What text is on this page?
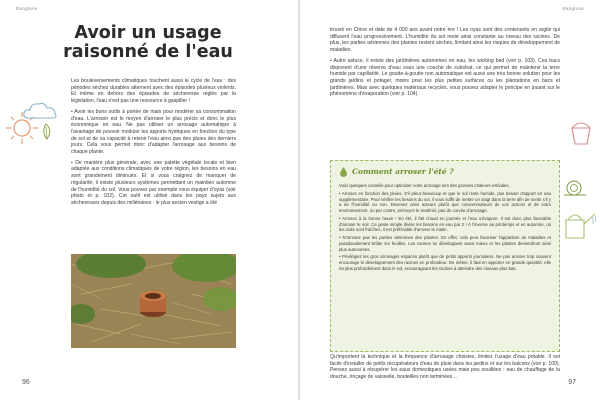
Ranglone
Avoir un usage
raisonné de l'eau

Les bouleversements climatiques touchent aussi le cycle de l'eau : des périodes sèches durables alternent avec des épisodes pluvieux violents. Et même en dehors des épisodes de sécheresse réglés par la législation, l'eau n'est pas une ressource à gaspiller !

• Avoir les bons outils à portée de main pour modérer sa consommation d'eau. L'arrosoir est le moyen d'arroser le plus précis et donc le plus économique en eau. Ne pas utiliser un arrosage automatique à l'avantage de pouvoir moduler les apports hydriques en fonction du type de sol et de sa capacité à retenir l'eau ainsi que des pluies des derniers jours. Cela vous permet donc d'adapter l'arrosage aux besoins de chaque plante.

• De manière plus générale, avec une palette végétale locale et bien adaptée aux conditions climatiques de votre région, les besoins en eau sont grandement diminués. Et si vous craignez de manquer de régularité, il existe plusieurs systèmes permettant un maintien automne de l'humidité du sol. Vous pouvez par exemple vous équiper d'oyas (voir photo et p. 102). Cet outil est utilisé dans les pays sujets aux sécheresses depuis des millénaires : le plus ancien vestige a été

96
Ranglone

trouvé en Chine et date de 4 000 ans avant notre ère ! Les oyas sont des contenants en argile qui diffusent l'eau progressivement. L'humidité du sol reste ainsi constante au niveau des racines. De plus, les parties aériennes des plantes restent sèches, limitant ainsi les risques de développement de maladies.

• Autre astuce, il existe des jardinières autonomes en eau, les wicking bed (voir p. 103). Ces bacs disposent d'une réserve d'eau sous une couche de substrat, ce qui permet de maintenir la terre humide par capillarité. Le goutte-à-goutte non automatique est aussi une très bonne solution pour les grands jardins et potager, moins pour les plus petites surfaces ou les plantations en bacs et jardinières. Mais avec quelques matériaux recyclés, vous pouvez adapter le principe en jouant sur le phénomène d'évaporation (voir p. 104).

Comment arroser l'été ?

Voici quelques conseils pour optimiser votre arrosage lors des grosses chaleurs estivales.

• Arrosez en fonction des pluies. S'il pleut beaucoup et que le sol reste humide, pas besoin d'apport en eau supplémentaire. Pour vérifier les besoins du sol, il vous suffit de mettre un doigt dans la terre afin de sentir s'il y a de l'humidité ou non. Devenez ainsi acteurs plutôt que consommateurs de vos actions et de votre environnement, ou par contre, prévoyez le matériel, pas de corvée d'arrosage.

• Arrosez à la bonne heure ! En été, il fait chaud en journée et l'eau s'évapore. Il est donc plus favorable d'arroser le soir. Ce geste simple divise les besoins en eau par 2 ! À l'inverse au printemps et en automne, où les nuits sont fraîches, il est préférable d'arroser le matin.

• N'arrosez pas les parties aériennes des plantes. En effet, cela peut favoriser l'apparition de maladies et paradoxalement brûler les feuilles. Les racines se développent aussi mieux et les plantes deviendront ainsi plus autonomes.

• Privilégiez les gros arrosages espacés plutôt que de petits apports journaliers. Ne pas arroser trop souvent encourage le développement des racines en profondeur. De même, il faut en apporter en grande quantité, elle ira plus profondément dans le sol, encourageant les racines à atteindre des niveaux plus bas.

Qu'importent la technique et la fréquence d'arrosage choisies, limitez l'usage d'eau potable. Il est facile d'installer de petits récupérateurs d'eau de pluie dans les jardins et sur les balcons (voir p. 100). Pensez aussi à récupérer les eaux domestiques usées mais peu souillées : eau de chauffage de la douche, rinçage de vaisselle, bouteilles non terminées…

97
